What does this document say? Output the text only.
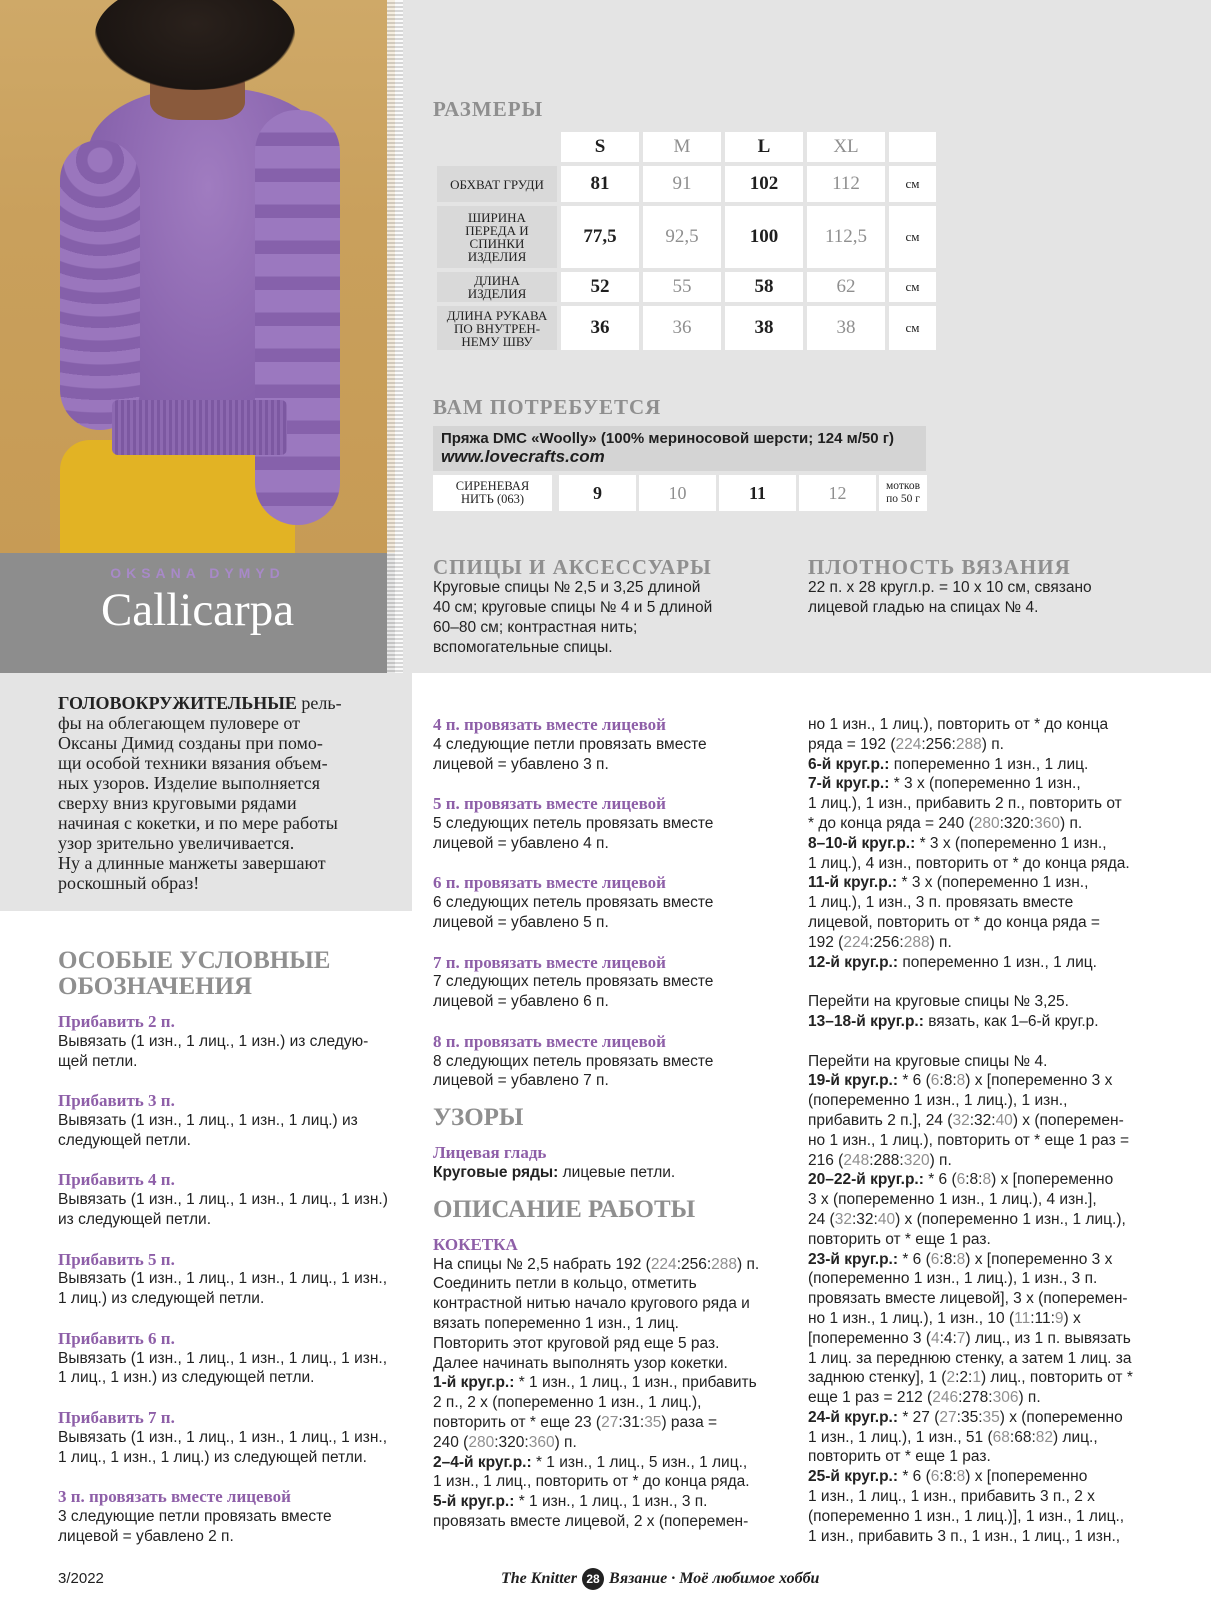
OKSANA DYMYD
Callicarpa
РАЗМЕРЫ
	S	M	L	XL	
ОБХВАТ ГРУДИ	81	91	102	112	см
ШИРИНА ПЕРЕДА И СПИНКИ ИЗДЕЛИЯ	77,5	92,5	100	112,5	см
ДЛИНА ИЗДЕЛИЯ	52	55	58	62	см
ДЛИНА РУКАВА ПО ВНУТРЕН-НЕМУ ШВУ	36	36	38	38	см
ВАМ ПОТРЕБУЕТСЯ
Пряжа DMC «Woolly» (100% мериносовой шерсти; 124 м/50 г)
www.lovecrafts.com
СИРЕНЕВАЯ НИТЬ (063)	9	10	11	12	мотков по 50 г
СПИЦЫ И АКСЕССУАРЫ
Круговые спицы № 2,5 и 3,25 длиной
40 см; круговые спицы № 4 и 5 длиной
60–80 см; контрастная нить;
вспомогательные спицы.
ПЛОТНОСТЬ ВЯЗАНИЯ
22 п. х 28 кругл.р. = 10 х 10 см, связано
лицевой гладью на спицах № 4.
ГОЛОВОКРУЖИТЕЛЬНЫЕ рель-
фы на облегающем пуловере от
Оксаны Димид созданы при помо-
щи особой техники вязания объем-
ных узоров. Изделие выполняется
сверху вниз круговыми рядами
начиная с кокетки, и по мере работы
узор зрительно увеличивается.
Ну а длинные манжеты завершают
роскошный образ!
ОСОБЫЕ УСЛОВНЫЕ
ОБОЗНАЧЕНИЯ

Прибавить 2 п.

Вывязать (1 изн., 1 лиц., 1 изн.) из следую-

щей петли.

Прибавить 3 п.

Вывязать (1 изн., 1 лиц., 1 изн., 1 лиц.) из

следующей петли.

Прибавить 4 п.

Вывязать (1 изн., 1 лиц., 1 изн., 1 лиц., 1 изн.)

из следующей петли.

Прибавить 5 п.

Вывязать (1 изн., 1 лиц., 1 изн., 1 лиц., 1 изн.,

1 лиц.) из следующей петли.

Прибавить 6 п.

Вывязать (1 изн., 1 лиц., 1 изн., 1 лиц., 1 изн.,

1 лиц., 1 изн.) из следующей петли.

Прибавить 7 п.

Вывязать (1 изн., 1 лиц., 1 изн., 1 лиц., 1 изн.,

1 лиц., 1 изн., 1 лиц.) из следующей петли.

3 п. провязать вместе лицевой

3 следующие петли провязать вместе

лицевой = убавлено 2 п.

4 п. провязать вместе лицевой

4 следующие петли провязать вместе

лицевой = убавлено 3 п.

5 п. провязать вместе лицевой

5 следующих петель провязать вместе

лицевой = убавлено 4 п.

6 п. провязать вместе лицевой

6 следующих петель провязать вместе

лицевой = убавлено 5 п.

7 п. провязать вместе лицевой

7 следующих петель провязать вместе

лицевой = убавлено 6 п.

8 п. провязать вместе лицевой

8 следующих петель провязать вместе

лицевой = убавлено 7 п.

УЗОРЫ

Лицевая гладь

Круговые ряды: лицевые петли.

ОПИСАНИЕ РАБОТЫ

КОКЕТКА

На спицы № 2,5 набрать 192 (224:256:288) п.

Соединить петли в кольцо, отметить

контрастной нитью начало кругового ряда и

вязать попеременно 1 изн., 1 лиц.

Повторить этот круговой ряд еще 5 раз.

Далее начинать выполнять узор кокетки.

1-й круг.р.: * 1 изн., 1 лиц., 1 изн., прибавить

2 п., 2 х (попеременно 1 изн., 1 лиц.),

повторить от * еще 23 (27:31:35) раза =

240 (280:320:360) п.

2–4-й круг.р.: * 1 изн., 1 лиц., 5 изн., 1 лиц.,

1 изн., 1 лиц., повторить от * до конца ряда.

5-й круг.р.: * 1 изн., 1 лиц., 1 изн., 3 п.

провязать вместе лицевой, 2 х (поперемен-

но 1 изн., 1 лиц.), повторить от * до конца

ряда = 192 (224:256:288) п.

6-й круг.р.: попеременно 1 изн., 1 лиц.

7-й круг.р.: * 3 х (попеременно 1 изн.,

1 лиц.), 1 изн., прибавить 2 п., повторить от

* до конца ряда = 240 (280:320:360) п.

8–10-й круг.р.: * 3 х (попеременно 1 изн.,

1 лиц.), 4 изн., повторить от * до конца ряда.

11-й круг.р.: * 3 х (попеременно 1 изн.,

1 лиц.), 1 изн., 3 п. провязать вместе

лицевой, повторить от * до конца ряда =

192 (224:256:288) п.

12-й круг.р.: попеременно 1 изн., 1 лиц.

Перейти на круговые спицы № 3,25.

13–18-й круг.р.: вязать, как 1–6-й круг.р.

Перейти на круговые спицы № 4.

19-й круг.р.: * 6 (6:8:8) х [попеременно 3 х

(попеременно 1 изн., 1 лиц.), 1 изн.,

прибавить 2 п.], 24 (32:32:40) х (поперемен-

но 1 изн., 1 лиц.), повторить от * еще 1 раз =

216 (248:288:320) п.

20–22-й круг.р.: * 6 (6:8:8) х [попеременно

3 х (попеременно 1 изн., 1 лиц.), 4 изн.],

24 (32:32:40) х (попеременно 1 изн., 1 лиц.),

повторить от * еще 1 раз.

23-й круг.р.: * 6 (6:8:8) х [попеременно 3 х

(попеременно 1 изн., 1 лиц.), 1 изн., 3 п.

провязать вместе лицевой], 3 х (поперемен-

но 1 изн., 1 лиц.), 1 изн., 10 (11:11:9) х

[попеременно 3 (4:4:7) лиц., из 1 п. вывязать

1 лиц. за переднюю стенку, а затем 1 лиц. за

заднюю стенку], 1 (2:2:1) лиц., повторить от *

еще 1 раз = 212 (246:278:306) п.

24-й круг.р.: * 27 (27:35:35) х (попеременно

1 изн., 1 лиц.), 1 изн., 51 (68:68:82) лиц.,

повторить от * еще 1 раз.

25-й круг.р.: * 6 (6:8:8) х [попеременно

1 изн., 1 лиц., 1 изн., прибавить 3 п., 2 х

(попеременно 1 изн., 1 лиц.)], 1 изн., 1 лиц.,

1 изн., прибавить 3 п., 1 изн., 1 лиц., 1 изн.,

3/2022	The Knitter 28 Вязание · Моё любимое хобби
